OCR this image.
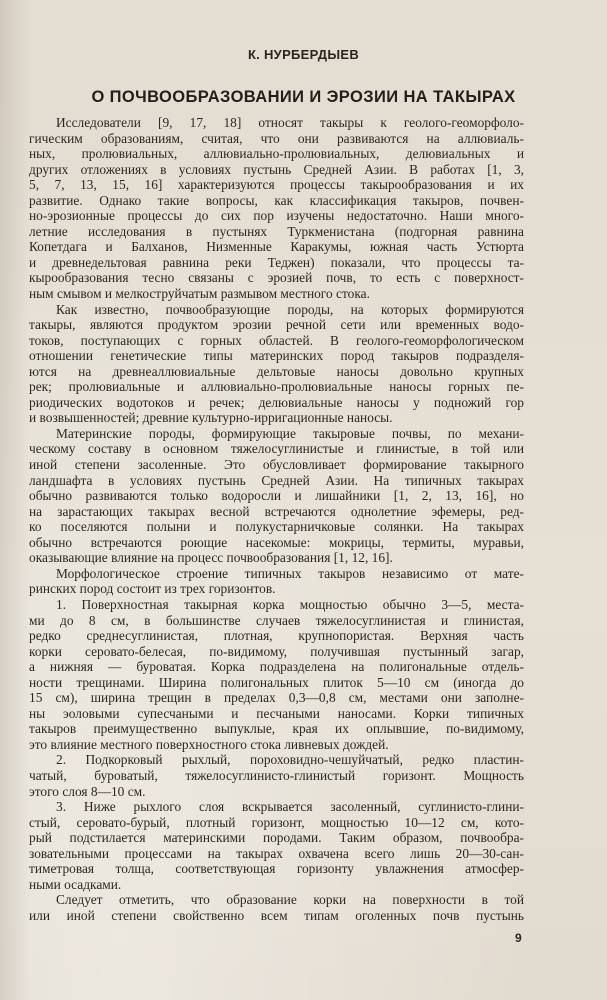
К. НУРБЕРДЫЕВ
О ПОЧВООБРАЗОВАНИИ И ЭРОЗИИ НА ТАКЫРАХ
Исследователи [9, 17, 18] относят такыры к геолого-геоморфоло-
гическим образованиям, считая, что они развиваются на аллювиаль-
ных, пролювиальных, аллювиально-пролювиальных, делювиальных и
других отложениях в условиях пустынь Средней Азии. В работах [1, 3,
5, 7, 13, 15, 16] характеризуются процессы такырообразования и их
развитие. Однако такие вопросы, как классификация такыров, почвен-
но-эрозионные процессы до сих пор изучены недостаточно. Наши много-
летние исследования в пустынях Туркменистана (подгорная равнина
Копетдага и Балханов, Низменные Каракумы, южная часть Устюрта
и древнедельтовая равнина реки Теджен) показали, что процессы та-
кырообразования тесно связаны с эрозией почв, то есть с поверхност-
ным смывом и мелкоструйчатым размывом местного стока.
Как известно, почвообразующие породы, на которых формируются
такыры, являются продуктом эрозии речной сети или временных водо-
токов, поступающих с горных областей. В геолого-геоморфологическом
отношении генетические типы материнских пород такыров подразделя-
ются на древнеаллювиальные дельтовые наносы довольно крупных
рек; пролювиальные и аллювиально-пролювиальные наносы горных пе-
риодических водотоков и речек; делювиальные наносы у подножий гор
и возвышенностей; древние культурно-ирригационные наносы.
Материнские породы, формирующие такыровые почвы, по механи-
ческому составу в основном тяжелосуглинистые и глинистые, в той или
иной степени засоленные. Это обусловливает формирование такырного
ландшафта в условиях пустынь Средней Азии. На типичных такырах
обычно развиваются только водоросли и лишайники [1, 2, 13, 16], но
на зарастающих такырах весной встречаются однолетние эфемеры, ред-
ко поселяются полыни и полукустарничковые солянки. На такырах
обычно встречаются роющие насекомые: мокрицы, термиты, муравьи,
оказывающие влияние на процесс почвообразования [1, 12, 16].
Морфологическое строение типичных такыров независимо от мате-
ринских пород состоит из трех горизонтов.
1. Поверхностная такырная корка мощностью обычно 3—5, места-
ми до 8 см, в большинстве случаев тяжелосуглинистая и глинистая,
редко среднесуглинистая, плотная, крупнопористая. Верхняя часть
корки серовато-белесая, по-видимому, получившая пустынный загар,
а нижняя — буроватая. Корка подразделена на полигональные отдель-
ности трещинами. Ширина полигональных плиток 5—10 см (иногда до
15 см), ширина трещин в пределах 0,3—0,8 см, местами они заполне-
ны эоловыми супесчаными и песчаными наносами. Корки типичных
такыров преимущественно выпуклые, края их оплывшие, по-видимому,
это влияние местного поверхностного стока ливневых дождей.
2. Подкорковый рыхлый, пороховидно-чешуйчатый, редко пластин-
чатый, буроватый, тяжелосуглинисто-глинистый горизонт. Мощность
этого слоя 8—10 см.
3. Ниже рыхлого слоя вскрывается засоленный, суглинисто-глини-
стый, серовато-бурый, плотный горизонт, мощностью 10—12 см, кото-
рый подстилается материнскими породами. Таким образом, почвообра-
зовательными процессами на такырах охвачена всего лишь 20—30-сан-
тиметровая толща, соответствующая горизонту увлажнения атмосфер-
ными осадками.
Следует отметить, что образование корки на поверхности в той
или иной степени свойственно всем типам оголенных почв пустынь
9
